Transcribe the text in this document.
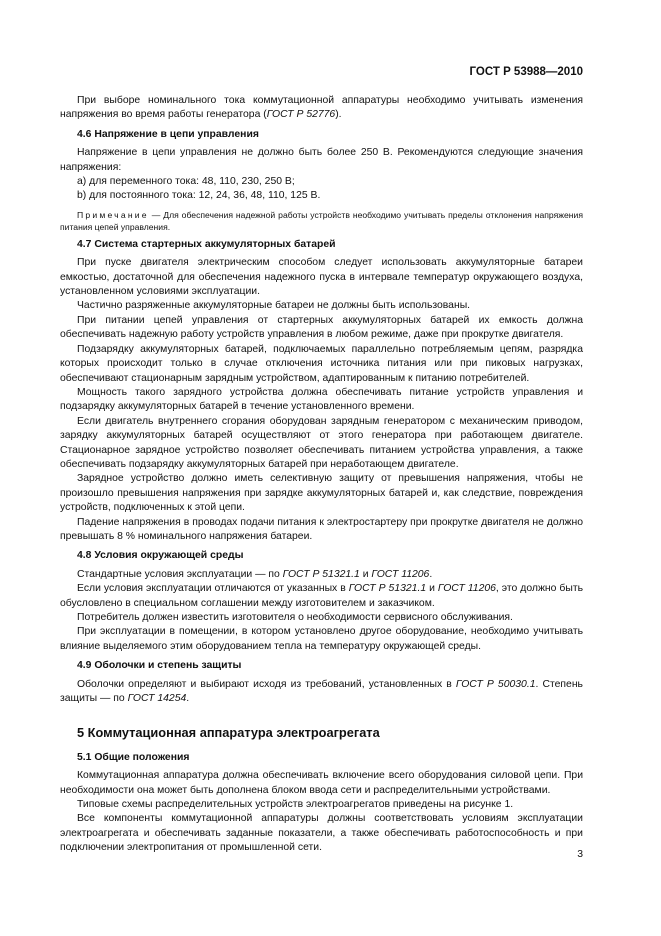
ГОСТ Р 53988—2010

При выборе номинального тока коммутационной аппаратуры необходимо учитывать изменения напряжения во время работы генератора (ГОСТ Р 52776).

4.6 Напряжение в цепи управления

Напряжение в цепи управления не должно быть более 250 В. Рекомендуются следующие значения напряжения:

а) для переменного тока: 48, 110, 230, 250 В;

b) для постоянного тока: 12, 24, 36, 48, 110, 125 В.

Примечание — Для обеспечения надежной работы устройств необходимо учитывать пределы отклонения напряжения питания цепей управления.

4.7 Система стартерных аккумуляторных батарей

При пуске двигателя электрическим способом следует использовать аккумуляторные батареи емкостью, достаточной для обеспечения надежного пуска в интервале температур окружающего воздуха, установленном условиями эксплуатации.

Частично разряженные аккумуляторные батареи не должны быть использованы.

При питании цепей управления от стартерных аккумуляторных батарей их емкость должна обеспечивать надежную работу устройств управления в любом режиме, даже при прокрутке двигателя.

Подзарядку аккумуляторных батарей, подключаемых параллельно потребляемым цепям, разрядка которых происходит только в случае отключения источника питания или при пиковых нагрузках, обеспечивают стационарным зарядным устройством, адаптированным к питанию потребителей.

Мощность такого зарядного устройства должна обеспечивать питание устройств управления и подзарядку аккумуляторных батарей в течение установленного времени.

Если двигатель внутреннего сгорания оборудован зарядным генератором с механическим приводом, зарядку аккумуляторных батарей осуществляют от этого генератора при работающем двигателе. Стационарное зарядное устройство позволяет обеспечивать питанием устройства управления, а также обеспечивать подзарядку аккумуляторных батарей при неработающем двигателе.

Зарядное устройство должно иметь селективную защиту от превышения напряжения, чтобы не произошло превышения напряжения при зарядке аккумуляторных батарей и, как следствие, повреждения устройств, подключенных к этой цепи.

Падение напряжения в проводах подачи питания к электростартеру при прокрутке двигателя не должно превышать 8 % номинального напряжения батареи.

4.8 Условия окружающей среды

Стандартные условия эксплуатации — по ГОСТ Р 51321.1 и ГОСТ 11206.

Если условия эксплуатации отличаются от указанных в ГОСТ Р 51321.1 и ГОСТ 11206, это должно быть обусловлено в специальном соглашении между изготовителем и заказчиком.

Потребитель должен известить изготовителя о необходимости сервисного обслуживания.

При эксплуатации в помещении, в котором установлено другое оборудование, необходимо учитывать влияние выделяемого этим оборудованием тепла на температуру окружающей среды.

4.9 Оболочки и степень защиты

Оболочки определяют и выбирают исходя из требований, установленных в ГОСТ Р 50030.1. Степень защиты — по ГОСТ 14254.

5 Коммутационная аппаратура электроагрегата
5.1 Общие положения

Коммутационная аппаратура должна обеспечивать включение всего оборудования силовой цепи. При необходимости она может быть дополнена блоком ввода сети и распределительными устройствами.

Типовые схемы распределительных устройств электроагрегатов приведены на рисунке 1.

Все компоненты коммутационной аппаратуры должны соответствовать условиям эксплуатации электроагрегата и обеспечивать заданные показатели, а также обеспечивать работоспособность и при подключении электропитания от промышленной сети.

3
